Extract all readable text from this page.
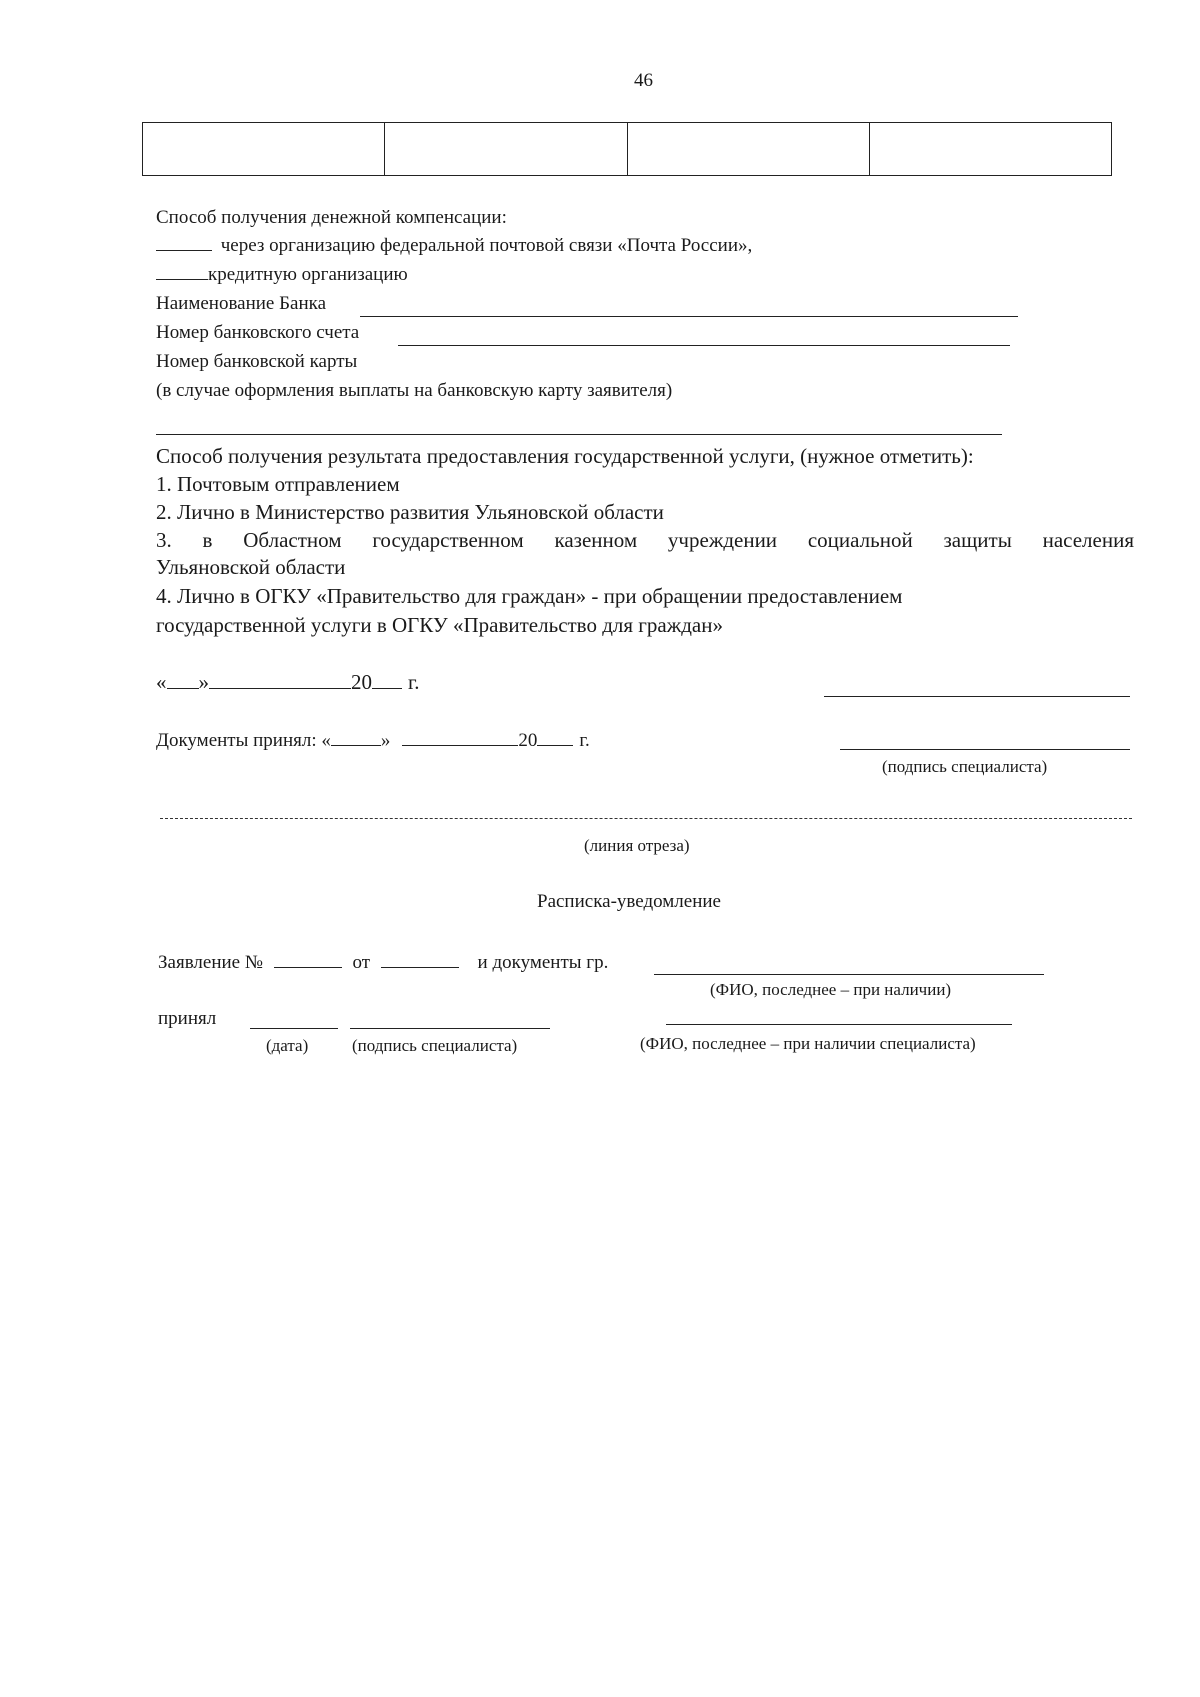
46

Способ получения денежной компенсации:
через организацию федеральной почтовой связи «Почта России»,
кредитную организацию
Наименование Банка
Номер банковского счета
Номер банковской карты
(в случае оформления выплаты на банковскую карту заявителя)
Способ получения результата предоставления государственной услуги, (нужное отметить):
1. Почтовым отправлением
2. Лично в Министерство развития Ульяновской области
3. в Областном государственном казенном учреждении социальной защиты населения
Ульяновской области
4. Лично в ОГКУ «Правительство для граждан» - при обращении предоставлением
государственной услуги в ОГКУ «Правительство для граждан»
« »	20 г.
Документы принял: «	»	20 г.
(подпись специалиста)
(линия отреза)
Расписка-уведомление
Заявление №	от	и документы гр.
(ФИО, последнее – при наличии)
принял
(дата)	(подпись специалиста)	(ФИО, последнее – при наличии специалиста)
